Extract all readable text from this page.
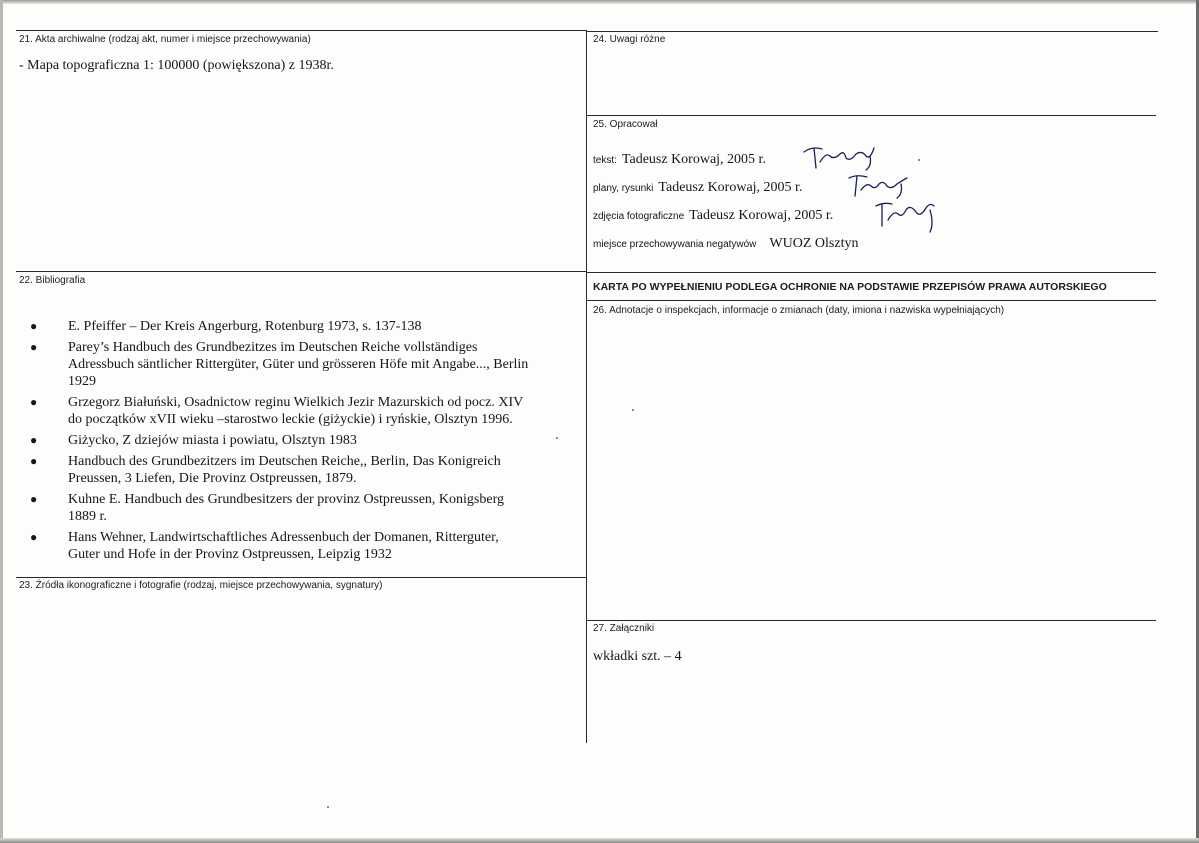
21. Akta archiwalne (rodzaj akt, numer i miejsce przechowywania)
- Mapa topograficzna 1: 100000 (powiększona) z 1938r.
24. Uwagi różne
25. Opracował
tekst: Tadeusz Korowaj, 2005 r.
plany, rysunki Tadeusz Korowaj, 2005 r.
zdjęcia fotograficzne Tadeusz Korowaj, 2005 r.
miejsce przechowywania negatywów WUOZ Olsztyn
22. Bibliografia
● E. Pfeiffer – Der Kreis Angerburg, Rotenburg 1973, s. 137-138
● Parey’s Handbuch des Grundbezitzes im Deutschen Reiche vollständiges
Adressbuch säntlicher Rittergüter, Güter und grösseren Höfe mit Angabe..., Berlin
1929
● Grzegorz Białuński, Osadnictow reginu Wielkich Jezir Mazurskich od pocz. XIV
do początków xVII wieku –starostwo leckie (giżyckie) i ryńskie, Olsztyn 1996.
● Giżycko, Z dziejów miasta i powiatu, Olsztyn 1983
● Handbuch des Grundbezitzers im Deutschen Reiche,, Berlin, Das Konigreich
Preussen, 3 Liefen, Die Provinz Ostpreussen, 1879.
● Kuhne E. Handbuch des Grundbesitzers der provinz Ostpreussen, Konigsberg
1889 r.
● Hans Wehner, Landwirtschaftliches Adressenbuch der Domanen, Ritterguter,
Guter und Hofe in der Provinz Ostpreussen, Leipzig 1932
KARTA PO WYPEŁNIENIU PODLEGA OCHRONIE NA PODSTAWIE PRZEPISÓW PRAWA AUTORSKIEGO
26. Adnotacje o inspekcjach, informacje o zmianach (daty, imiona i nazwiska wypełniających)
23. Źródła ikonograficzne i fotografie (rodzaj, miejsce przechowywania, sygnatury)
27. Załączniki
wkładki szt. – 4
